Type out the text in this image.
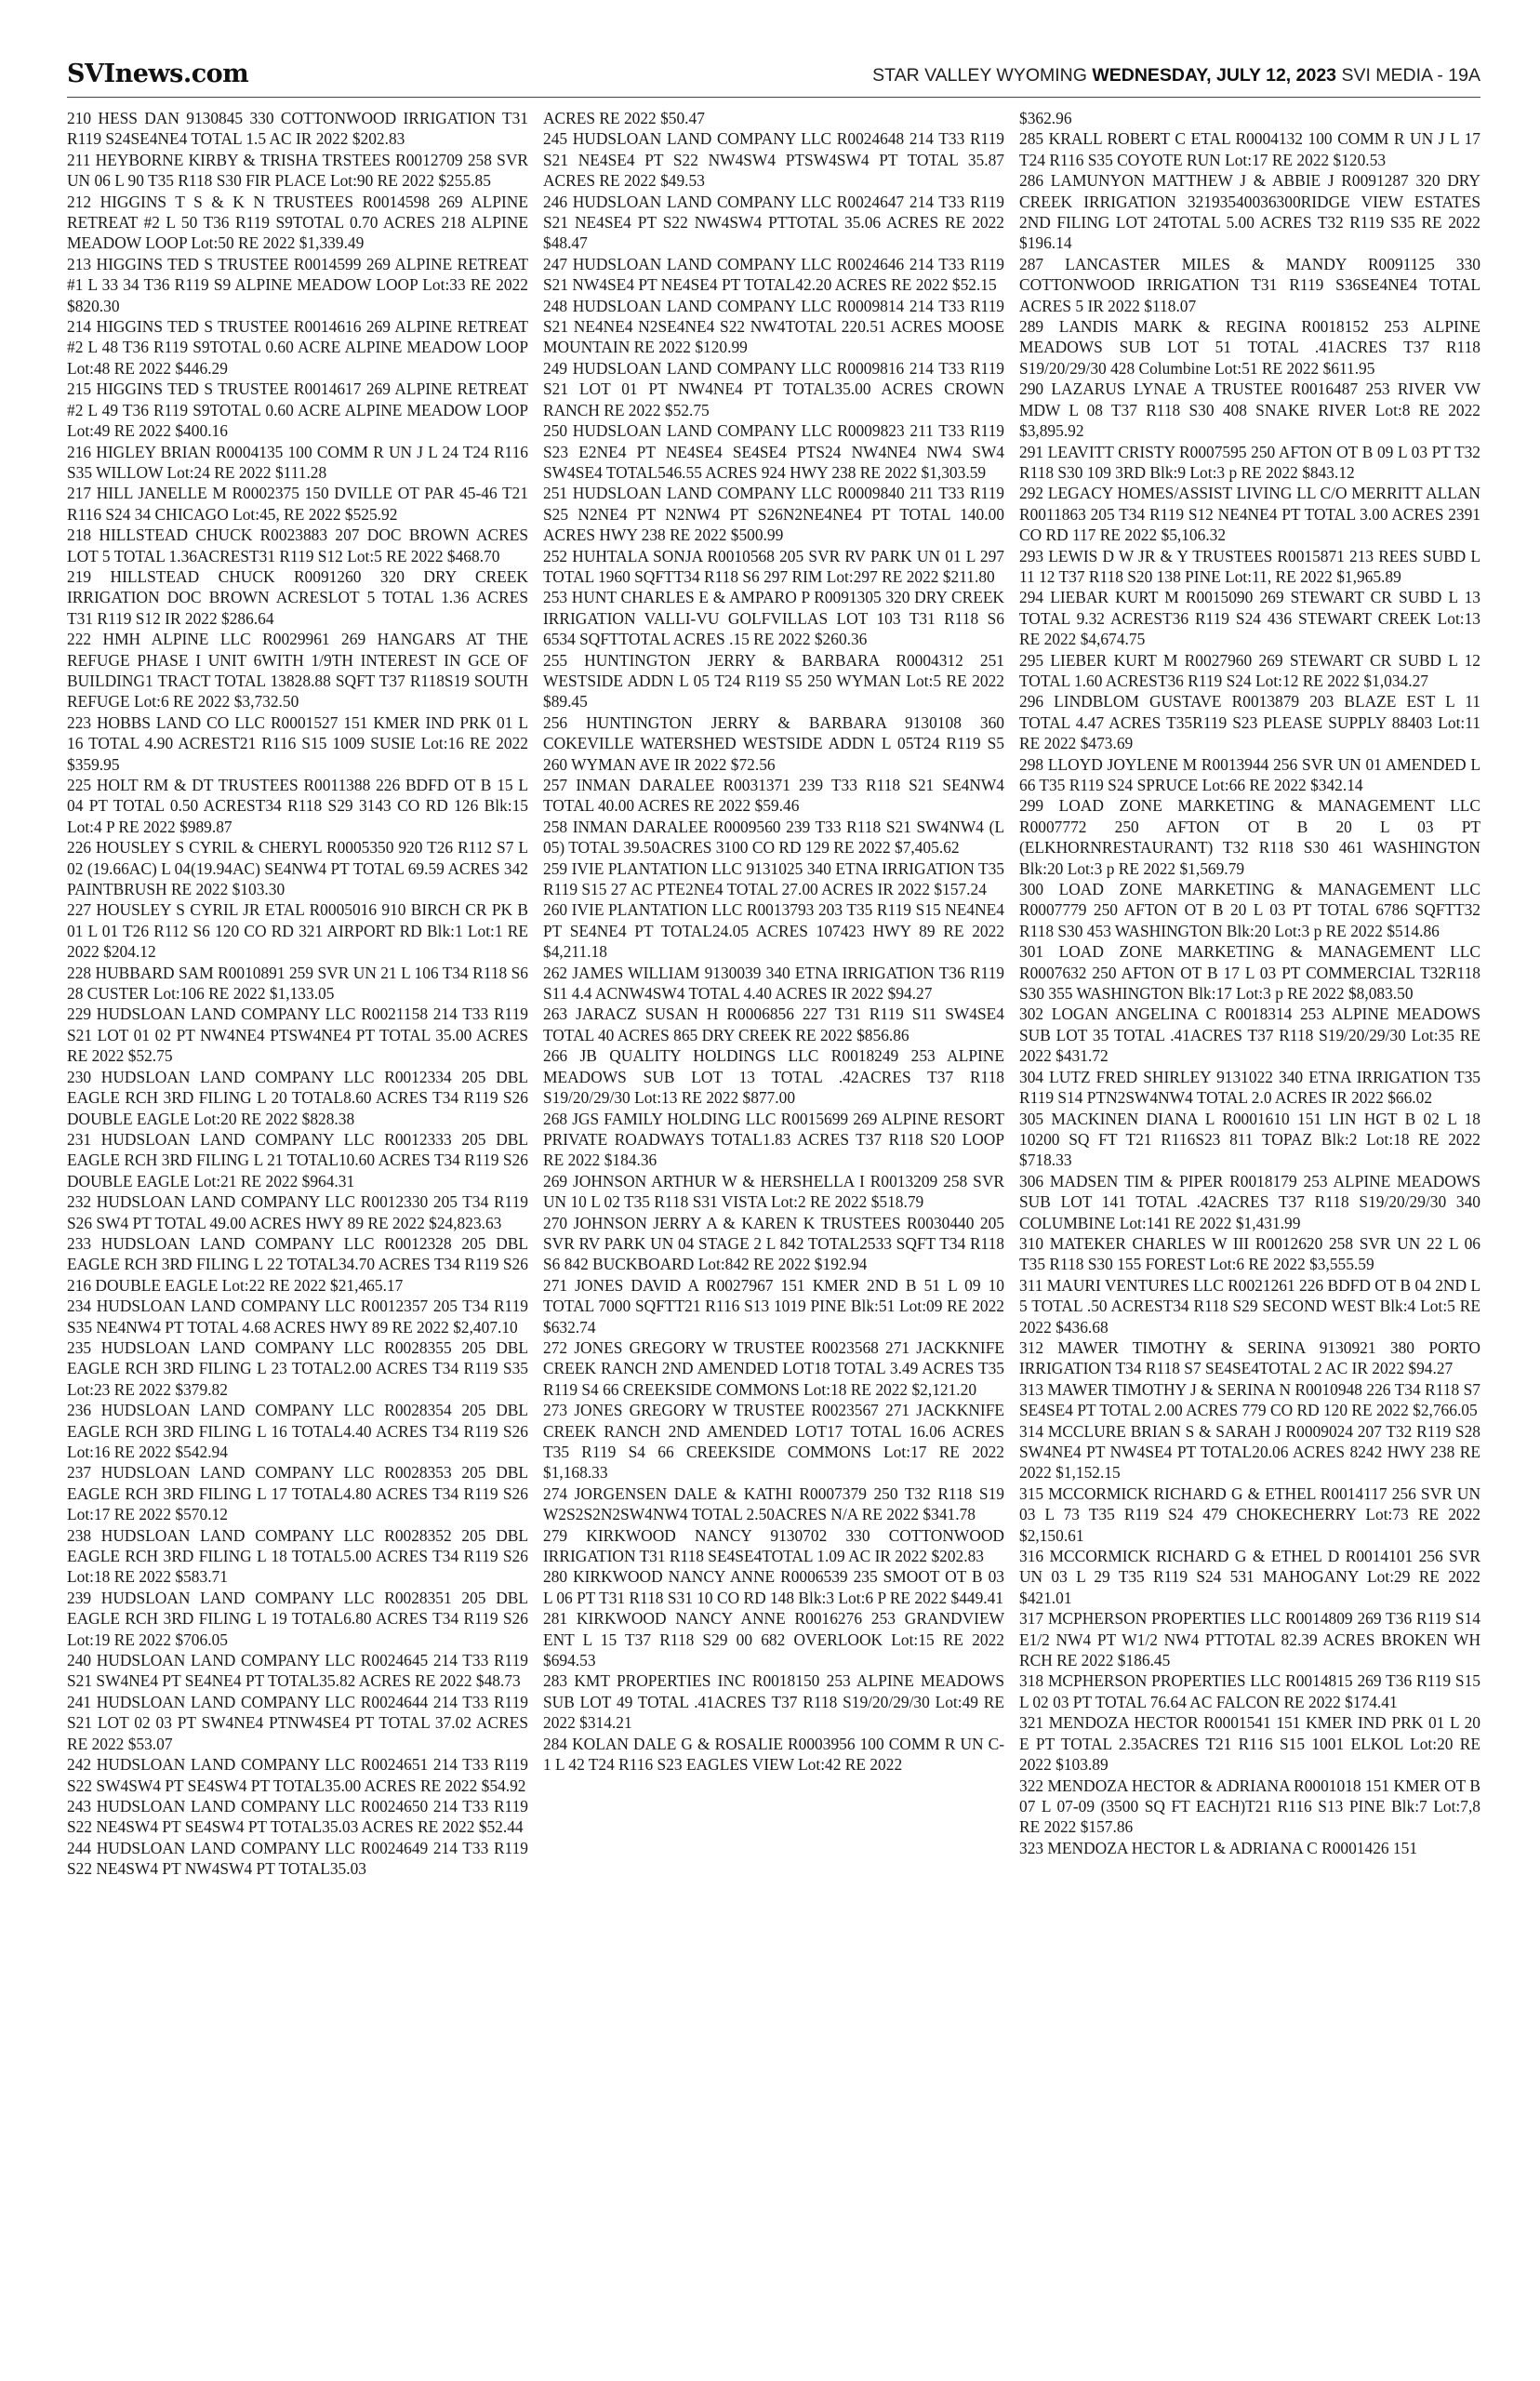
SVInews.com	STAR VALLEY WYOMING WEDNESDAY, JULY 12, 2023 SVI MEDIA - 19A

210 HESS DAN 9130845 330 COTTONWOOD IRRIGATION T31 R119 S24SE4NE4 TOTAL 1.5 AC IR 2022 $202.83

211 HEYBORNE KIRBY & TRISHA TRSTEES R0012709 258 SVR UN 06 L 90 T35 R118 S30 FIR PLACE Lot:90 RE 2022 $255.85

212 HIGGINS T S & K N TRUSTEES R0014598 269 ALPINE RETREAT #2 L 50 T36 R119 S9TOTAL 0.70 ACRES 218 ALPINE MEADOW LOOP Lot:50 RE 2022 $1,339.49

213 HIGGINS TED S TRUSTEE R0014599 269 ALPINE RETREAT #1 L 33 34 T36 R119 S9 ALPINE MEADOW LOOP Lot:33 RE 2022 $820.30

214 HIGGINS TED S TRUSTEE R0014616 269 ALPINE RETREAT #2 L 48 T36 R119 S9TOTAL 0.60 ACRE ALPINE MEADOW LOOP Lot:48 RE 2022 $446.29

215 HIGGINS TED S TRUSTEE R0014617 269 ALPINE RETREAT #2 L 49 T36 R119 S9TOTAL 0.60 ACRE ALPINE MEADOW LOOP Lot:49 RE 2022 $400.16

216 HIGLEY BRIAN R0004135 100 COMM R UN J L 24 T24 R116 S35 WILLOW Lot:24 RE 2022 $111.28

217 HILL JANELLE M R0002375 150 DVILLE OT PAR 45-46 T21 R116 S24 34 CHICAGO Lot:45, RE 2022 $525.92

218 HILLSTEAD CHUCK R0023883 207 DOC BROWN ACRES LOT 5 TOTAL 1.36ACREST31 R119 S12 Lot:5 RE 2022 $468.70

219 HILLSTEAD CHUCK R0091260 320 DRY CREEK IRRIGATION DOC BROWN ACRESLOT 5 TOTAL 1.36 ACRES T31 R119 S12 IR 2022 $286.64

222 HMH ALPINE LLC R0029961 269 HANGARS AT THE REFUGE PHASE I UNIT 6WITH 1/9TH INTEREST IN GCE OF BUILDING1 TRACT TOTAL 13828.88 SQFT T37 R118S19 SOUTH REFUGE Lot:6 RE 2022 $3,732.50

223 HOBBS LAND CO LLC R0001527 151 KMER IND PRK 01 L 16 TOTAL 4.90 ACREST21 R116 S15 1009 SUSIE Lot:16 RE 2022 $359.95

225 HOLT RM & DT TRUSTEES R0011388 226 BDFD OT B 15 L 04 PT TOTAL 0.50 ACREST34 R118 S29 3143 CO RD 126 Blk:15 Lot:4 P RE 2022 $989.87

226 HOUSLEY S CYRIL & CHERYL R0005350 920 T26 R112 S7 L 02 (19.66AC) L 04(19.94AC) SE4NW4 PT TOTAL 69.59 ACRES 342 PAINTBRUSH RE 2022 $103.30

227 HOUSLEY S CYRIL JR ETAL R0005016 910 BIRCH CR PK B 01 L 01 T26 R112 S6 120 CO RD 321 AIRPORT RD Blk:1 Lot:1 RE 2022 $204.12

228 HUBBARD SAM R0010891 259 SVR UN 21 L 106 T34 R118 S6 28 CUSTER Lot:106 RE 2022 $1,133.05

229 HUDSLOAN LAND COMPANY LLC R0021158 214 T33 R119 S21 LOT 01 02 PT NW4NE4 PTSW4NE4 PT TOTAL 35.00 ACRES RE 2022 $52.75

230 HUDSLOAN LAND COMPANY LLC R0012334 205 DBL EAGLE RCH 3RD FILING L 20 TOTAL8.60 ACRES T34 R119 S26 DOUBLE EAGLE Lot:20 RE 2022 $828.38

231 HUDSLOAN LAND COMPANY LLC R0012333 205 DBL EAGLE RCH 3RD FILING L 21 TOTAL10.60 ACRES T34 R119 S26 DOUBLE EAGLE Lot:21 RE 2022 $964.31

232 HUDSLOAN LAND COMPANY LLC R0012330 205 T34 R119 S26 SW4 PT TOTAL 49.00 ACRES HWY 89 RE 2022 $24,823.63

233 HUDSLOAN LAND COMPANY LLC R0012328 205 DBL EAGLE RCH 3RD FILING L 22 TOTAL34.70 ACRES T34 R119 S26 216 DOUBLE EAGLE Lot:22 RE 2022 $21,465.17

234 HUDSLOAN LAND COMPANY LLC R0012357 205 T34 R119 S35 NE4NW4 PT TOTAL 4.68 ACRES HWY 89 RE 2022 $2,407.10

235 HUDSLOAN LAND COMPANY LLC R0028355 205 DBL EAGLE RCH 3RD FILING L 23 TOTAL2.00 ACRES T34 R119 S35 Lot:23 RE 2022 $379.82

236 HUDSLOAN LAND COMPANY LLC R0028354 205 DBL EAGLE RCH 3RD FILING L 16 TOTAL4.40 ACRES T34 R119 S26 Lot:16 RE 2022 $542.94

237 HUDSLOAN LAND COMPANY LLC R0028353 205 DBL EAGLE RCH 3RD FILING L 17 TOTAL4.80 ACRES T34 R119 S26 Lot:17 RE 2022 $570.12

238 HUDSLOAN LAND COMPANY LLC R0028352 205 DBL EAGLE RCH 3RD FILING L 18 TOTAL5.00 ACRES T34 R119 S26 Lot:18 RE 2022 $583.71

239 HUDSLOAN LAND COMPANY LLC R0028351 205 DBL EAGLE RCH 3RD FILING L 19 TOTAL6.80 ACRES T34 R119 S26 Lot:19 RE 2022 $706.05

240 HUDSLOAN LAND COMPANY LLC R0024645 214 T33 R119 S21 SW4NE4 PT SE4NE4 PT TOTAL35.82 ACRES RE 2022 $48.73

241 HUDSLOAN LAND COMPANY LLC R0024644 214 T33 R119 S21 LOT 02 03 PT SW4NE4 PTNW4SE4 PT TOTAL 37.02 ACRES RE 2022 $53.07

242 HUDSLOAN LAND COMPANY LLC R0024651 214 T33 R119 S22 SW4SW4 PT SE4SW4 PT TOTAL35.00 ACRES RE 2022 $54.92

243 HUDSLOAN LAND COMPANY LLC R0024650 214 T33 R119 S22 NE4SW4 PT SE4SW4 PT TOTAL35.03 ACRES RE 2022 $52.44

244 HUDSLOAN LAND COMPANY LLC R0024649 214 T33 R119 S22 NE4SW4 PT NW4SW4 PT TOTAL35.03

ACRES RE 2022 $50.47

245 HUDSLOAN LAND COMPANY LLC R0024648 214 T33 R119 S21 NE4SE4 PT S22 NW4SW4 PTSW4SW4 PT TOTAL 35.87 ACRES RE 2022 $49.53

246 HUDSLOAN LAND COMPANY LLC R0024647 214 T33 R119 S21 NE4SE4 PT S22 NW4SW4 PTTOTAL 35.06 ACRES RE 2022 $48.47

247 HUDSLOAN LAND COMPANY LLC R0024646 214 T33 R119 S21 NW4SE4 PT NE4SE4 PT TOTAL42.20 ACRES RE 2022 $52.15

248 HUDSLOAN LAND COMPANY LLC R0009814 214 T33 R119 S21 NE4NE4 N2SE4NE4 S22 NW4TOTAL 220.51 ACRES MOOSE MOUNTAIN RE 2022 $120.99

249 HUDSLOAN LAND COMPANY LLC R0009816 214 T33 R119 S21 LOT 01 PT NW4NE4 PT TOTAL35.00 ACRES CROWN RANCH RE 2022 $52.75

250 HUDSLOAN LAND COMPANY LLC R0009823 211 T33 R119 S23 E2NE4 PT NE4SE4 SE4SE4 PTS24 NW4NE4 NW4 SW4 SW4SE4 TOTAL546.55 ACRES 924 HWY 238 RE 2022 $1,303.59

251 HUDSLOAN LAND COMPANY LLC R0009840 211 T33 R119 S25 N2NE4 PT N2NW4 PT S26N2NE4NE4 PT TOTAL 140.00 ACRES HWY 238 RE 2022 $500.99

252 HUHTALA SONJA R0010568 205 SVR RV PARK UN 01 L 297 TOTAL 1960 SQFTT34 R118 S6 297 RIM Lot:297 RE 2022 $211.80

253 HUNT CHARLES E & AMPARO P R0091305 320 DRY CREEK IRRIGATION VALLI-VU GOLFVILLAS LOT 103 T31 R118 S6 6534 SQFTTOTAL ACRES .15 RE 2022 $260.36

255 HUNTINGTON JERRY & BARBARA R0004312 251 WESTSIDE ADDN L 05 T24 R119 S5 250 WYMAN Lot:5 RE 2022 $89.45

256 HUNTINGTON JERRY & BARBARA 9130108 360 COKEVILLE WATERSHED WESTSIDE ADDN L 05T24 R119 S5 260 WYMAN AVE IR 2022 $72.56

257 INMAN DARALEE R0031371 239 T33 R118 S21 SE4NW4 TOTAL 40.00 ACRES RE 2022 $59.46

258 INMAN DARALEE R0009560 239 T33 R118 S21 SW4NW4 (L 05) TOTAL 39.50ACRES 3100 CO RD 129 RE 2022 $7,405.62

259 IVIE PLANTATION LLC 9131025 340 ETNA IRRIGATION T35 R119 S15 27 AC PTE2NE4 TOTAL 27.00 ACRES IR 2022 $157.24

260 IVIE PLANTATION LLC R0013793 203 T35 R119 S15 NE4NE4 PT SE4NE4 PT TOTAL24.05 ACRES 107423 HWY 89 RE 2022 $4,211.18

262 JAMES WILLIAM 9130039 340 ETNA IRRIGATION T36 R119 S11 4.4 ACNW4SW4 TOTAL 4.40 ACRES IR 2022 $94.27

263 JARACZ SUSAN H R0006856 227 T31 R119 S11 SW4SE4 TOTAL 40 ACRES 865 DRY CREEK RE 2022 $856.86

266 JB QUALITY HOLDINGS LLC R0018249 253 ALPINE MEADOWS SUB LOT 13 TOTAL .42ACRES T37 R118 S19/20/29/30 Lot:13 RE 2022 $877.00

268 JGS FAMILY HOLDING LLC R0015699 269 ALPINE RESORT PRIVATE ROADWAYS TOTAL1.83 ACRES T37 R118 S20 LOOP RE 2022 $184.36

269 JOHNSON ARTHUR W & HERSHELLA I R0013209 258 SVR UN 10 L 02 T35 R118 S31 VISTA Lot:2 RE 2022 $518.79

270 JOHNSON JERRY A & KAREN K TRUSTEES R0030440 205 SVR RV PARK UN 04 STAGE 2 L 842 TOTAL2533 SQFT T34 R118 S6 842 BUCKBOARD Lot:842 RE 2022 $192.94

271 JONES DAVID A R0027967 151 KMER 2ND B 51 L 09 10 TOTAL 7000 SQFTT21 R116 S13 1019 PINE Blk:51 Lot:09 RE 2022 $632.74

272 JONES GREGORY W TRUSTEE R0023568 271 JACKKNIFE CREEK RANCH 2ND AMENDED LOT18 TOTAL 3.49 ACRES T35 R119 S4 66 CREEKSIDE COMMONS Lot:18 RE 2022 $2,121.20

273 JONES GREGORY W TRUSTEE R0023567 271 JACKKNIFE CREEK RANCH 2ND AMENDED LOT17 TOTAL 16.06 ACRES T35 R119 S4 66 CREEKSIDE COMMONS Lot:17 RE 2022 $1,168.33

274 JORGENSEN DALE & KATHI R0007379 250 T32 R118 S19 W2S2S2N2SW4NW4 TOTAL 2.50ACRES N/A RE 2022 $341.78

279 KIRKWOOD NANCY 9130702 330 COTTONWOOD IRRIGATION T31 R118 SE4SE4TOTAL 1.09 AC IR 2022 $202.83

280 KIRKWOOD NANCY ANNE R0006539 235 SMOOT OT B 03 L 06 PT T31 R118 S31 10 CO RD 148 Blk:3 Lot:6 P RE 2022 $449.41

281 KIRKWOOD NANCY ANNE R0016276 253 GRANDVIEW ENT L 15 T37 R118 S29 00 682 OVERLOOK Lot:15 RE 2022 $694.53

283 KMT PROPERTIES INC R0018150 253 ALPINE MEADOWS SUB LOT 49 TOTAL .41ACRES T37 R118 S19/20/29/30 Lot:49 RE 2022 $314.21

284 KOLAN DALE G & ROSALIE R0003956 100 COMM R UN C-1 L 42 T24 R116 S23 EAGLES VIEW Lot:42 RE 2022

$362.96

285 KRALL ROBERT C ETAL R0004132 100 COMM R UN J L 17 T24 R116 S35 COYOTE RUN Lot:17 RE 2022 $120.53

286 LAMUNYON MATTHEW J & ABBIE J R0091287 320 DRY CREEK IRRIGATION 32193540036300RIDGE VIEW ESTATES 2ND FILING LOT 24TOTAL 5.00 ACRES T32 R119 S35 RE 2022 $196.14

287 LANCASTER MILES & MANDY R0091125 330 COTTONWOOD IRRIGATION T31 R119 S36SE4NE4 TOTAL ACRES 5 IR 2022 $118.07

289 LANDIS MARK & REGINA R0018152 253 ALPINE MEADOWS SUB LOT 51 TOTAL .41ACRES T37 R118 S19/20/29/30 428 Columbine Lot:51 RE 2022 $611.95

290 LAZARUS LYNAE A TRUSTEE R0016487 253 RIVER VW MDW L 08 T37 R118 S30 408 SNAKE RIVER Lot:8 RE 2022 $3,895.92

291 LEAVITT CRISTY R0007595 250 AFTON OT B 09 L 03 PT T32 R118 S30 109 3RD Blk:9 Lot:3 p RE 2022 $843.12

292 LEGACY HOMES/ASSIST LIVING LL C/O MERRITT ALLAN R0011863 205 T34 R119 S12 NE4NE4 PT TOTAL 3.00 ACRES 2391 CO RD 117 RE 2022 $5,106.32

293 LEWIS D W JR & Y TRUSTEES R0015871 213 REES SUBD L 11 12 T37 R118 S20 138 PINE Lot:11, RE 2022 $1,965.89

294 LIEBAR KURT M R0015090 269 STEWART CR SUBD L 13 TOTAL 9.32 ACREST36 R119 S24 436 STEWART CREEK Lot:13 RE 2022 $4,674.75

295 LIEBER KURT M R0027960 269 STEWART CR SUBD L 12 TOTAL 1.60 ACREST36 R119 S24 Lot:12 RE 2022 $1,034.27

296 LINDBLOM GUSTAVE R0013879 203 BLAZE EST L 11 TOTAL 4.47 ACRES T35R119 S23 PLEASE SUPPLY 88403 Lot:11 RE 2022 $473.69

298 LLOYD JOYLENE M R0013944 256 SVR UN 01 AMENDED L 66 T35 R119 S24 SPRUCE Lot:66 RE 2022 $342.14

299 LOAD ZONE MARKETING & MANAGEMENT LLC R0007772 250 AFTON OT B 20 L 03 PT (ELKHORNRESTAURANT) T32 R118 S30 461 WASHINGTON Blk:20 Lot:3 p RE 2022 $1,569.79

300 LOAD ZONE MARKETING & MANAGEMENT LLC R0007779 250 AFTON OT B 20 L 03 PT TOTAL 6786 SQFTT32 R118 S30 453 WASHINGTON Blk:20 Lot:3 p RE 2022 $514.86

301 LOAD ZONE MARKETING & MANAGEMENT LLC R0007632 250 AFTON OT B 17 L 03 PT COMMERCIAL T32R118 S30 355 WASHINGTON Blk:17 Lot:3 p RE 2022 $8,083.50

302 LOGAN ANGELINA C R0018314 253 ALPINE MEADOWS SUB LOT 35 TOTAL .41ACRES T37 R118 S19/20/29/30 Lot:35 RE 2022 $431.72

304 LUTZ FRED SHIRLEY 9131022 340 ETNA IRRIGATION T35 R119 S14 PTN2SW4NW4 TOTAL 2.0 ACRES IR 2022 $66.02

305 MACKINEN DIANA L R0001610 151 LIN HGT B 02 L 18 10200 SQ FT T21 R116S23 811 TOPAZ Blk:2 Lot:18 RE 2022 $718.33

306 MADSEN TIM & PIPER R0018179 253 ALPINE MEADOWS SUB LOT 141 TOTAL .42ACRES T37 R118 S19/20/29/30 340 COLUMBINE Lot:141 RE 2022 $1,431.99

310 MATEKER CHARLES W III R0012620 258 SVR UN 22 L 06 T35 R118 S30 155 FOREST Lot:6 RE 2022 $3,555.59

311 MAURI VENTURES LLC R0021261 226 BDFD OT B 04 2ND L 5 TOTAL .50 ACREST34 R118 S29 SECOND WEST Blk:4 Lot:5 RE 2022 $436.68

312 MAWER TIMOTHY & SERINA 9130921 380 PORTO IRRIGATION T34 R118 S7 SE4SE4TOTAL 2 AC IR 2022 $94.27

313 MAWER TIMOTHY J & SERINA N R0010948 226 T34 R118 S7 SE4SE4 PT TOTAL 2.00 ACRES 779 CO RD 120 RE 2022 $2,766.05

314 MCCLURE BRIAN S & SARAH J R0009024 207 T32 R119 S28 SW4NE4 PT NW4SE4 PT TOTAL20.06 ACRES 8242 HWY 238 RE 2022 $1,152.15

315 MCCORMICK RICHARD G & ETHEL R0014117 256 SVR UN 03 L 73 T35 R119 S24 479 CHOKECHERRY Lot:73 RE 2022 $2,150.61

316 MCCORMICK RICHARD G & ETHEL D R0014101 256 SVR UN 03 L 29 T35 R119 S24 531 MAHOGANY Lot:29 RE 2022 $421.01

317 MCPHERSON PROPERTIES LLC R0014809 269 T36 R119 S14 E1/2 NW4 PT W1/2 NW4 PTTOTAL 82.39 ACRES BROKEN WH RCH RE 2022 $186.45

318 MCPHERSON PROPERTIES LLC R0014815 269 T36 R119 S15 L 02 03 PT TOTAL 76.64 AC FALCON RE 2022 $174.41

321 MENDOZA HECTOR R0001541 151 KMER IND PRK 01 L 20 E PT TOTAL 2.35ACRES T21 R116 S15 1001 ELKOL Lot:20 RE 2022 $103.89

322 MENDOZA HECTOR & ADRIANA R0001018 151 KMER OT B 07 L 07-09 (3500 SQ FT EACH)T21 R116 S13 PINE Blk:7 Lot:7,8 RE 2022 $157.86

323 MENDOZA HECTOR L & ADRIANA C R0001426 151
